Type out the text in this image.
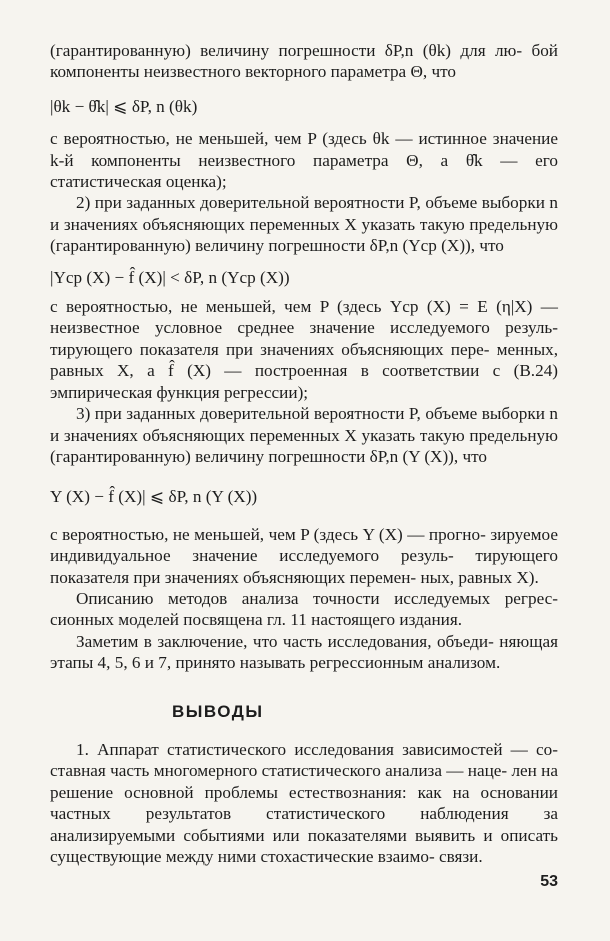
(гарантированную) величину погрешности δP,n (θk) для лю- бой компоненты неизвестного векторного параметра Θ, что

|θk − θ̂k| ⩽ δP, n (θk)

с вероятностью, не меньшей, чем P (здесь θk — истинное значение k-й компоненты неизвестного параметра Θ, а θ̂k — его статистическая оценка);

2) при заданных доверительной вероятности P, объеме выборки n и значениях объясняющих переменных X указать такую предельную (гарантированную) величину погрешности δP,n (Yср (X)), что

|Yср (X) − f̂ (X)| < δP, n (Yср (X))

с вероятностью, не меньшей, чем P (здесь Yср (X) = E (η|X) — неизвестное условное среднее значение исследуемого резуль- тирующего показателя при значениях объясняющих пере- менных, равных X, а f̂ (X) — построенная в соответствии с (B.24) эмпирическая функция регрессии);

3) при заданных доверительной вероятности P, объеме выборки n и значениях объясняющих переменных X указать такую предельную (гарантированную) величину погрешности δP,n (Y (X)), что

Y (X) − f̂ (X)| ⩽ δP, n (Y (X))

с вероятностью, не меньшей, чем P (здесь Y (X) — прогно- зируемое индивидуальное значение исследуемого резуль- тирующего показателя при значениях объясняющих перемен- ных, равных X).

Описанию методов анализа точности исследуемых регрес- сионных моделей посвящена гл. 11 настоящего издания.

Заметим в заключение, что часть исследования, объеди- няющая этапы 4, 5, 6 и 7, принято называть регрессионным анализом.

ВЫВОДЫ

1. Аппарат статистического исследования зависимостей — со- ставная часть многомерного статистического анализа — наце- лен на решение основной проблемы естествознания: как на основании частных результатов статистического наблюдения за анализируемыми событиями или показателями выявить и описать существующие между ними стохастические взаимо- связи.

53
